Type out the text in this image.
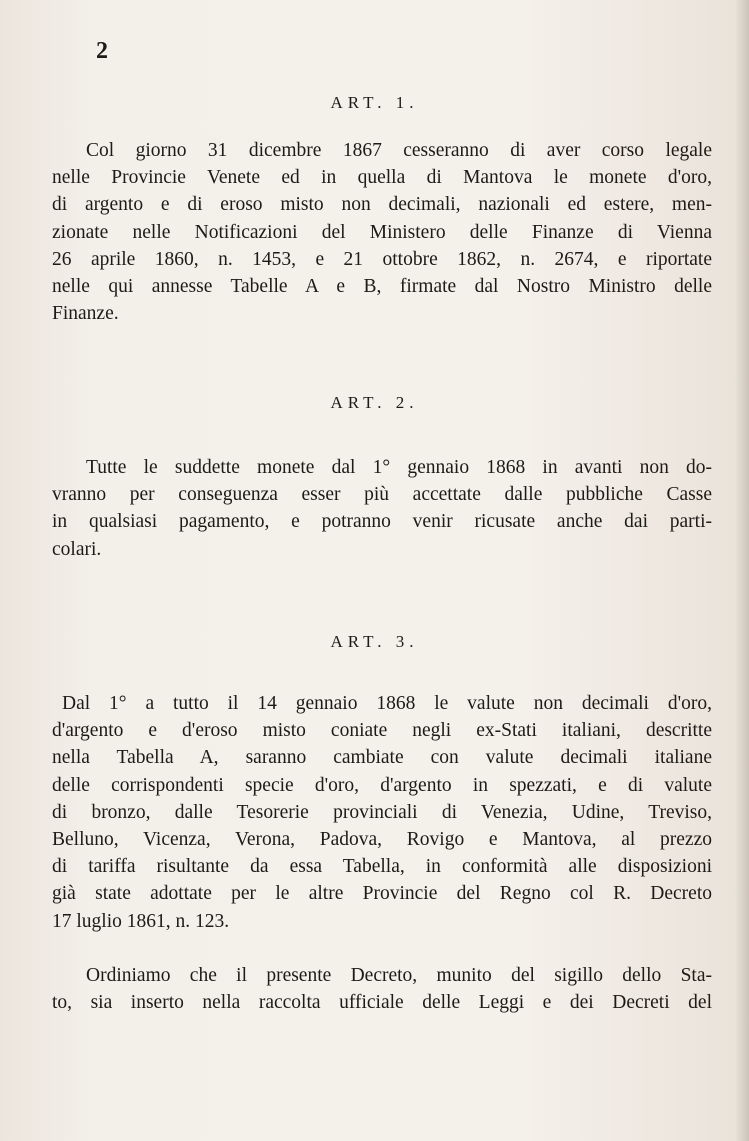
2
ART. 1.
Col giorno 31 dicembre 1867 cesseranno di aver corso legale
nelle Provincie Venete ed in quella di Mantova le monete d'oro,
di argento e di eroso misto non decimali, nazionali ed estere, men-
zionate nelle Notificazioni del Ministero delle Finanze di Vienna
26 aprile 1860, n. 1453, e 21 ottobre 1862, n. 2674, e riportate
nelle qui annesse Tabelle A e B, firmate dal Nostro Ministro delle
Finanze.
ART. 2.
Tutte le suddette monete dal 1° gennaio 1868 in avanti non do-
vranno per conseguenza esser più accettate dalle pubbliche Casse
in qualsiasi pagamento, e potranno venir ricusate anche dai parti-
colari.
ART. 3.
Dal 1° a tutto il 14 gennaio 1868 le valute non decimali d'oro,
d'argento e d'eroso misto coniate negli ex-Stati italiani, descritte
nella Tabella A, saranno cambiate con valute decimali italiane
delle corrispondenti specie d'oro, d'argento in spezzati, e di valute
di bronzo, dalle Tesorerie provinciali di Venezia, Udine, Treviso,
Belluno, Vicenza, Verona, Padova, Rovigo e Mantova, al prezzo
di tariffa risultante da essa Tabella, in conformità alle disposizioni
già state adottate per le altre Provincie del Regno col R. Decreto
17 luglio 1861, n. 123.
Ordiniamo che il presente Decreto, munito del sigillo dello Sta-
to, sia inserto nella raccolta ufficiale delle Leggi e dei Decreti del
